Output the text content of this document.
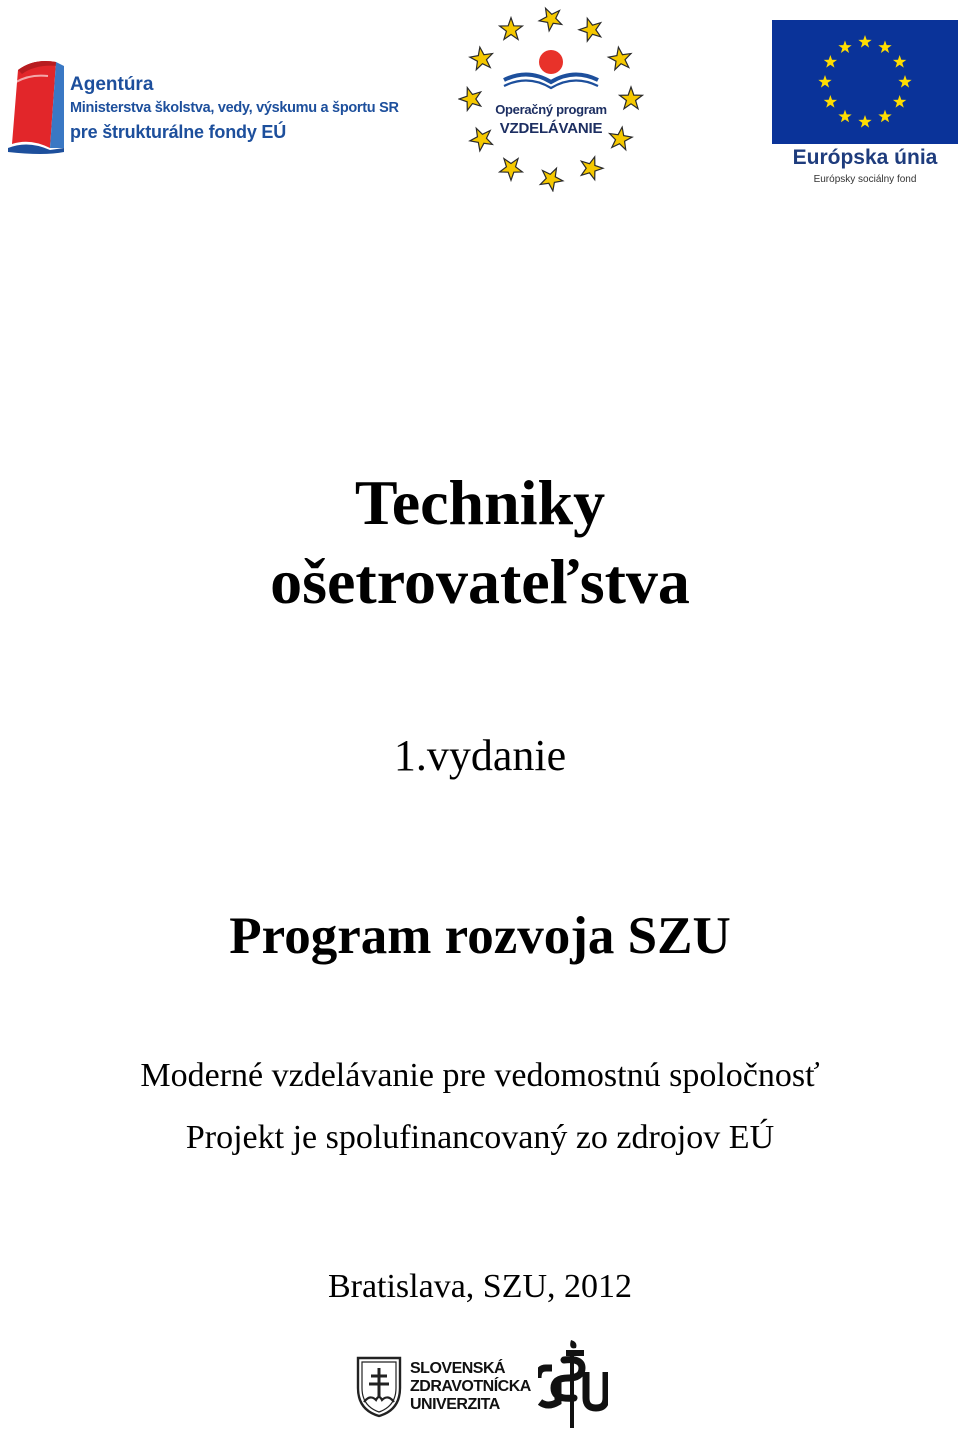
Agentúra
Ministerstva školstva, vedy, výskumu a športu SR
pre štrukturálne fondy EÚ
Operačný program
VZDELÁVANIE
Európska únia
Európsky sociálny fond
Techniky
ošetrovateľstva
1.vydanie
Program rozvoja SZU
Moderné vzdelávanie pre vedomostnú spoločnosť
Projekt je spolufinancovaný zo zdrojov EÚ
Bratislava, SZU, 2012
SLOVENSKÁ
ZDRAVOTNÍCKA
UNIVERZITA
